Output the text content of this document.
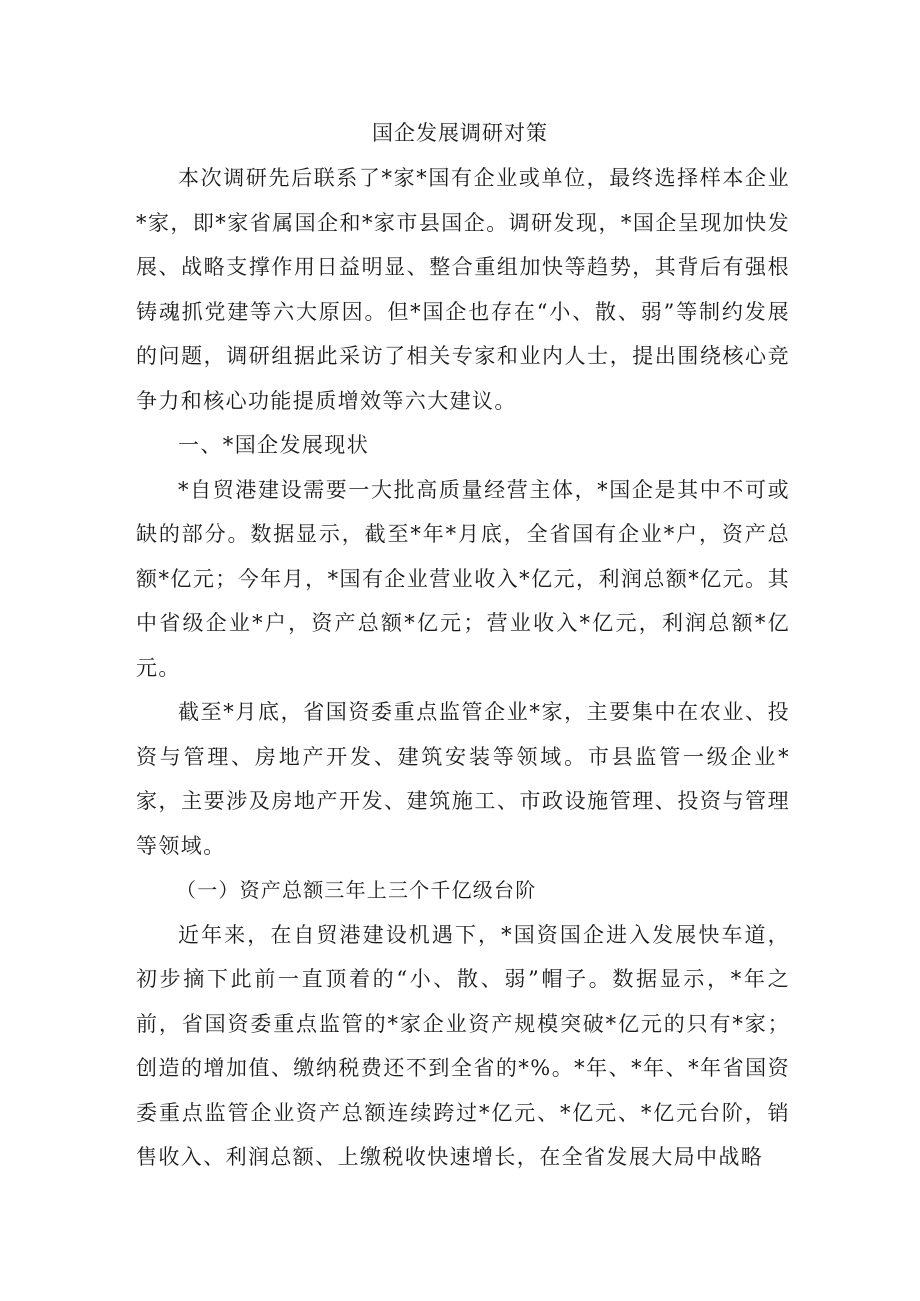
国企发展调研对策

本次调研先后联系了*家*国有企业或单位，最终选择样本企业*家，即*家省属国企和*家市县国企。调研发现，*国企呈现加快发展、战略支撑作用日益明显、整合重组加快等趋势，其背后有强根铸魂抓党建等六大原因。但*国企也存在“小、散、弱”等制约发展的问题，调研组据此采访了相关专家和业内人士，提出围绕核心竞争力和核心功能提质增效等六大建议。

一、*国企发展现状

*自贸港建设需要一大批高质量经营主体，*国企是其中不可或缺的部分。数据显示，截至*年*月底，全省国有企业*户，资产总额*亿元；今年月，*国有企业营业收入*亿元，利润总额*亿元。其中省级企业*户，资产总额*亿元；营业收入*亿元，利润总额*亿元。

截至*月底，省国资委重点监管企业*家，主要集中在农业、投资与管理、房地产开发、建筑安装等领域。市县监管一级企业*家，主要涉及房地产开发、建筑施工、市政设施管理、投资与管理等领域。

（一）资产总额三年上三个千亿级台阶

近年来，在自贸港建设机遇下，*国资国企进入发展快车道，初步摘下此前一直顶着的“小、散、弱”帽子。数据显示，*年之前，省国资委重点监管的*家企业资产规模突破*亿元的只有*家；创造的增加值、缴纳税费还不到全省的*%。*年、*年、*年省国资委重点监管企业资产总额连续跨过*亿元、*亿元、*亿元台阶，销售收入、利润总额、上缴税收快速增长，在全省发展大局中战略
